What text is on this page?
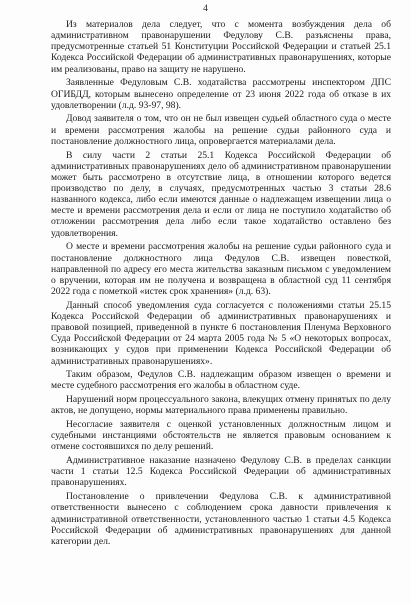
4

Из материалов дела следует, что с момента возбуждения дела об административном правонарушении Федулову С.В. разъяснены права, предусмотренные статьей 51 Конституции Российской Федерации и статьей 25.1 Кодекса Российской Федерации об административных правонарушениях, которые им реализованы, право на защиту не нарушено.

Заявленные Федуловым С.В. ходатайства рассмотрены инспектором ДПС ОГИБДД, которым вынесено определение от 23 июня 2022 года об отказе в их удовлетворении (л.д. 93-97, 98).

Довод заявителя о том, что он не был извещен судьей областного суда о месте и времени рассмотрения жалобы на решение судьи районного суда и постановление должностного лица, опровергается материалами дела.

В силу части 2 статьи 25.1 Кодекса Российской Федерации об административных правонарушениях дело об административном правонарушении может быть рассмотрено в отсутствие лица, в отношении которого ведется производство по делу, в случаях, предусмотренных частью 3 статьи 28.6 названного кодекса, либо если имеются данные о надлежащем извещении лица о месте и времени рассмотрения дела и если от лица не поступило ходатайство об отложении рассмотрения дела либо если такое ходатайство оставлено без удовлетворения.

О месте и времени рассмотрения жалобы на решение судьи районного суда и постановление должностного лица Федулов С.В. извещен повесткой, направленной по адресу его места жительства заказным письмом с уведомлением о вручении, которая им не получена и возвращена в областной суд 11 сентября 2022 года с пометкой «истек срок хранения» (л.д. 63).

Данный способ уведомления суда согласуется с положениями статьи 25.15 Кодекса Российской Федерации об административных правонарушениях и правовой позицией, приведенной в пункте 6 постановления Пленума Верховного Суда Российской Федерации от 24 марта 2005 года № 5 «О некоторых вопросах, возникающих у судов при применении Кодекса Российской Федерации об административных правонарушениях».

Таким образом, Федулов С.В. надлежащим образом извещен о времени и месте судебного рассмотрения его жалобы в областном суде.

Нарушений норм процессуального закона, влекущих отмену принятых по делу актов, не допущено, нормы материального права применены правильно.

Несогласие заявителя с оценкой установленных должностным лицом и судебными инстанциями обстоятельств не является правовым основанием к отмене состоявшихся по делу решений.

Административное наказание назначено Федулову С.В. в пределах санкции части 1 статьи 12.5 Кодекса Российской Федерации об административных правонарушениях.

Постановление о привлечении Федулова С.В. к административной ответственности вынесено с соблюдением срока давности привлечения к административной ответственности, установленного частью 1 статьи 4.5 Кодекса Российской Федерации об административных правонарушениях для данной категории дел.
